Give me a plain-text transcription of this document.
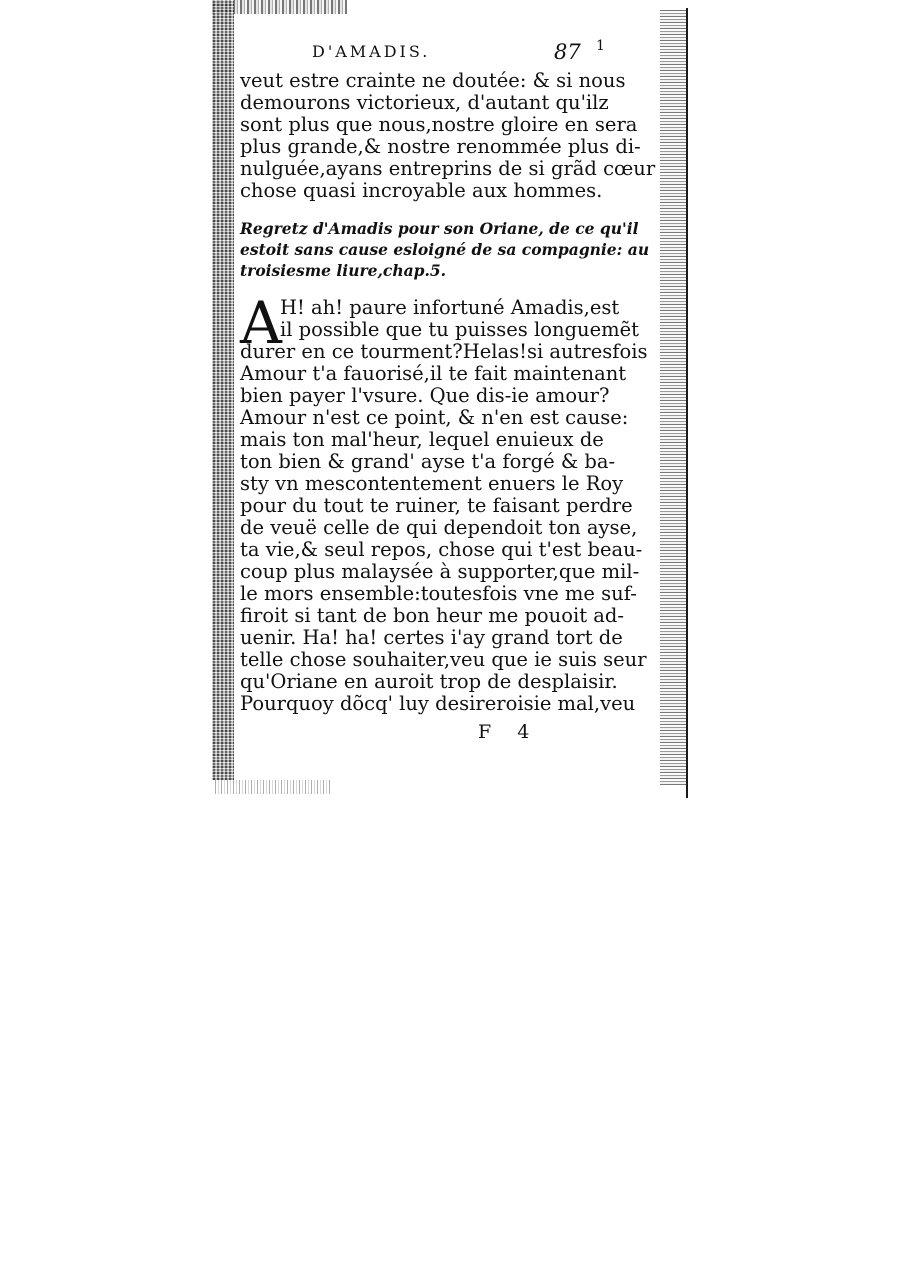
D'AMADIS.	87 1
veut estre crainte ne doutée: & si nous
demourons victorieux, d'autant qu'ilz
sont plus que nous,nostre gloire en sera
plus grande,& nostre renommée plus di-
nulguée,ayans entreprins de si grãd cœur
chose quasi incroyable aux hommes.
Regretz d'Amadis pour son Oriane, de ce qu'il
estoit sans cause esloigné de sa compagnie: au
troisiesme liure,chap.5.
A
H! ah! paure infortuné Amadis,est
il possible que tu puisses longuemẽt
durer en ce tourment?Helas!si autresfois
Amour t'a fauorisé,il te fait maintenant
bien payer l'vsure. Que dis-ie amour?
Amour n'est ce point, & n'en est cause:
mais ton mal'heur, lequel enuieux de
ton bien & grand' ayse t'a forgé & ba-
sty vn mescontentement enuers le Roy
pour du tout te ruiner, te faisant perdre
de veuë celle de qui dependoit ton ayse,
ta vie,& seul repos, chose qui t'est beau-
coup plus malaysée à supporter,que mil-
le mors ensemble:toutesfois vne me suf-
firoit si tant de bon heur me pouoit ad-
uenir. Ha! ha! certes i'ay grand tort de
telle chose souhaiter,veu que ie suis seur
qu'Oriane en auroit trop de desplaisir.
Pourquoy dõcq' luy desireroisie mal,veu
F 4
